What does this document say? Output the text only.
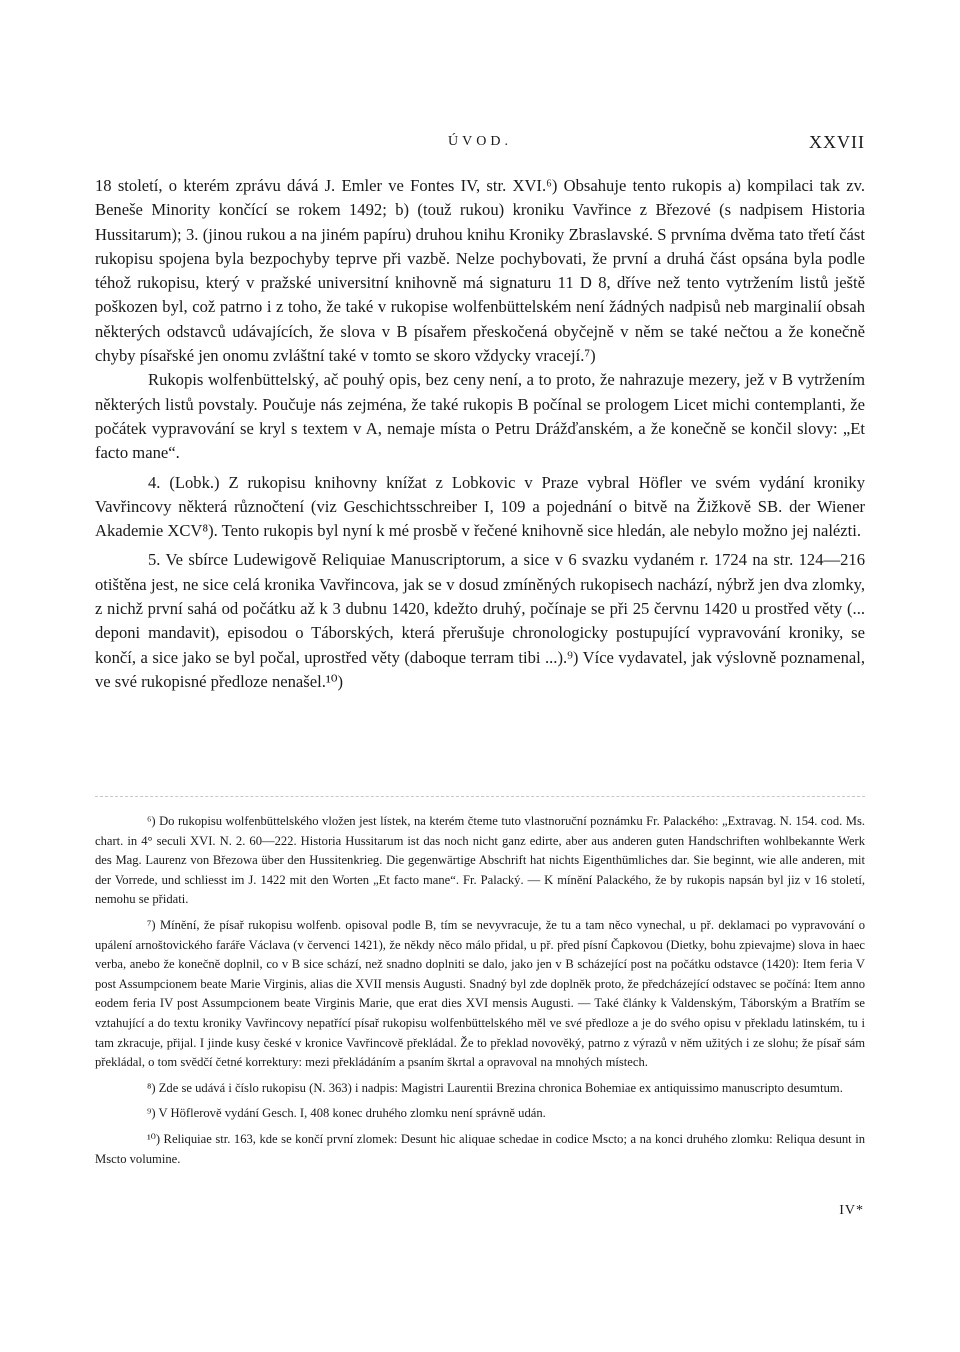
ÚVOD.	XXVII

18 století, o kterém zprávu dává J. Emler ve Fontes IV, str. XVI.⁶) Obsahuje tento rukopis a) kompilaci tak zv. Beneše Minority končící se rokem 1492; b) (touž rukou) kroniku Vavřince z Březové (s nadpisem Historia Hussitarum); 3. (jinou rukou a na jiném papíru) druhou knihu Kroniky Zbraslavské. S prvníma dvěma tato třetí část rukopisu spojena byla bezpochyby teprve při vazbě. Nelze pochybovati, že první a druhá část opsána byla podle téhož rukopisu, který v pražské universitní knihovně má signaturu 11 D 8, dříve než tento vytržením listů ještě poškozen byl, což patrno i z toho, že také v rukopise wolfenbüttelském není žádných nadpisů neb marginalií obsah některých odstavců udávajících, že slova v B písařem přeskočená obyčejně v něm se také nečtou a že konečně chyby písařské jen onomu zvláštní také v tomto se skoro vždycky vracejí.⁷)

Rukopis wolfenbüttelský, ač pouhý opis, bez ceny není, a to proto, že nahrazuje mezery, jež v B vytržením některých listů povstaly. Poučuje nás zejména, že také rukopis B počínal se prologem Licet michi contemplanti, že počátek vypravování se kryl s textem v A, nemaje místa o Petru Drážďanském, a že konečně se končil slovy: „Et facto mane“.

4. (Lobk.) Z rukopisu knihovny knížat z Lobkovic v Praze vybral Höfler ve svém vydání kroniky Vavřincovy některá různočtení (viz Geschichtsschreiber I, 109 a pojednání o bitvě na Žižkově SB. der Wiener Akademie XCV⁸). Tento rukopis byl nyní k mé prosbě v řečené knihovně sice hledán, ale nebylo možno jej nalézti.

5. Ve sbírce Ludewigově Reliquiae Manuscriptorum, a sice v 6 svazku vydaném r. 1724 na str. 124—216 otištěna jest, ne sice celá kronika Vavřincova, jak se v dosud zmíněných rukopisech nachází, nýbrž jen dva zlomky, z nichž první sahá od počátku až k 3 dubnu 1420, kdežto druhý, počínaje se při 25 červnu 1420 u prostřed věty (... deponi mandavit), episodou o Táborských, která přerušuje chronologicky postupující vypravování kroniky, se končí, a sice jako se byl počal, uprostřed věty (daboque terram tibi ...).⁹) Více vydavatel, jak výslovně poznamenal, ve své rukopisné předloze nenašel.¹⁰)

⁶) Do rukopisu wolfenbüttelského vložen jest lístek, na kterém čteme tuto vlastnoruční poznámku Fr. Palackého: „Extravag. N. 154. cod. Ms. chart. in 4° seculi XVI. N. 2. 60—222. Historia Hussitarum ist das noch nicht ganz edirte, aber aus anderen guten Handschriften wohlbekannte Werk des Mag. Laurenz von Březowa über den Hussitenkrieg. Die gegenwärtige Abschrift hat nichts Eigenthümliches dar. Sie beginnt, wie alle anderen, mit der Vorrede, und schliesst im J. 1422 mit den Worten „Et facto mane“. Fr. Palacký. — K mínění Palackého, že by rukopis napsán byl jiz v 16 století, nemohu se přidati.

⁷) Mínění, že písař rukopisu wolfenb. opisoval podle B, tím se nevyvracuje, že tu a tam něco vynechal, u př. deklamaci po vypravování o upálení arnoštovického faráře Václava (v červenci 1421), že někdy něco málo přidal, u př. před písní Čapkovou (Dietky, bohu zpievajme) slova in haec verba, anebo že konečně doplnil, co v B sice schází, než snadno doplniti se dalo, jako jen v B scházející post na počátku odstavce (1420): Item feria V post Assumpcionem beate Marie Virginis, alias die XVII mensis Augusti. Snadný byl zde doplněk proto, že předcházející odstavec se počíná: Item anno eodem feria IV post Assumpcionem beate Virginis Marie, que erat dies XVI mensis Augusti. — Také články k Valdenským, Táborským a Bratřím se vztahující a do textu kroniky Vavřincovy nepatřící písař rukopisu wolfenbüttelského měl ve své předloze a je do svého opisu v překladu latinském, tu i tam zkracuje, přijal. I jinde kusy české v kronice Vavřincově překládal. Že to překlad novověký, patrno z výrazů v něm užitých i ze slohu; že písař sám překládal, o tom svědčí četné korrektury: mezi překládáním a psaním škrtal a opravoval na mnohých místech.

⁸) Zde se udává i číslo rukopisu (N. 363) i nadpis: Magistri Laurentii Brezina chronica Bohemiae ex antiquissimo manuscripto desumtum.

⁹) V Höflerově vydání Gesch. I, 408 konec druhého zlomku není správně udán.

¹⁰) Reliquiae str. 163, kde se končí první zlomek: Desunt hic aliquae schedae in codice Mscto; a na konci druhého zlomku: Reliqua desunt in Mscto volumine.

IV*
